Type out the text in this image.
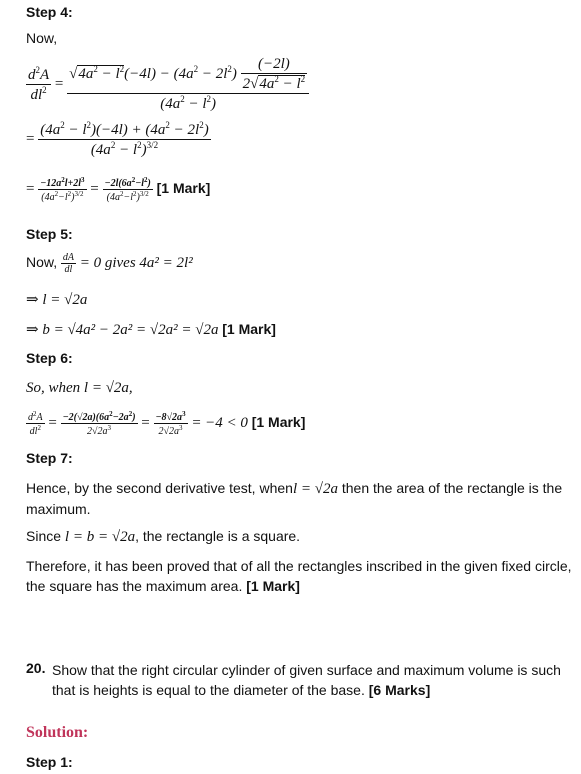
Step 4:
Now,
$\frac{d^2A}{dl^2} = \frac{√4a^2 - l^2(-4l) - (4a^2 - 2l^2) \frac{(-2l)}{2√4a^2 - l^2}}{(4a^2 - l^2)}$
= $\frac{(4a^2 - l^2)(-4l) + (4a^2 - 2l^2)}{(4a^2 - l^2)^{3/2}}$
= $\frac{-12a^2l+2l^3}{(4a^2-l^2)^{3/2}} = \frac{-2l(6a^2-l^2)}{(4a^2-l^2)^{3/2}} [1$ Mark]
Step 5:
Now, $\frac{dA}{dl} = 0$ gives 4a² = 2l²
⇒ l = √2a
⇒ b = √4a² − 2a² = √2a² = √2a [1 Mark]
Step 6:
So, when l = √2a,
$\frac{d^2A}{dl^2} = \frac{-2(√2a)(6a^2-2a^2)}{2√2a^3} = \frac{-8√2a^3}{2√2a^3} = -4 < 0$ [1 Mark]
Step 7:
Hence, by the second derivative test, whenl = √2a then the area of the rectangle is the maximum.
Since l = b = √2a, the rectangle is a square.
Therefore, it has been proved that of all the rectangles inscribed in the given fixed circle, the square has the maximum area. [1 Mark]
20. Show that the right circular cylinder of given surface and maximum volume is such that is heights is equal to the diameter of the base. [6 Marks]
Solution:
Step 1:
